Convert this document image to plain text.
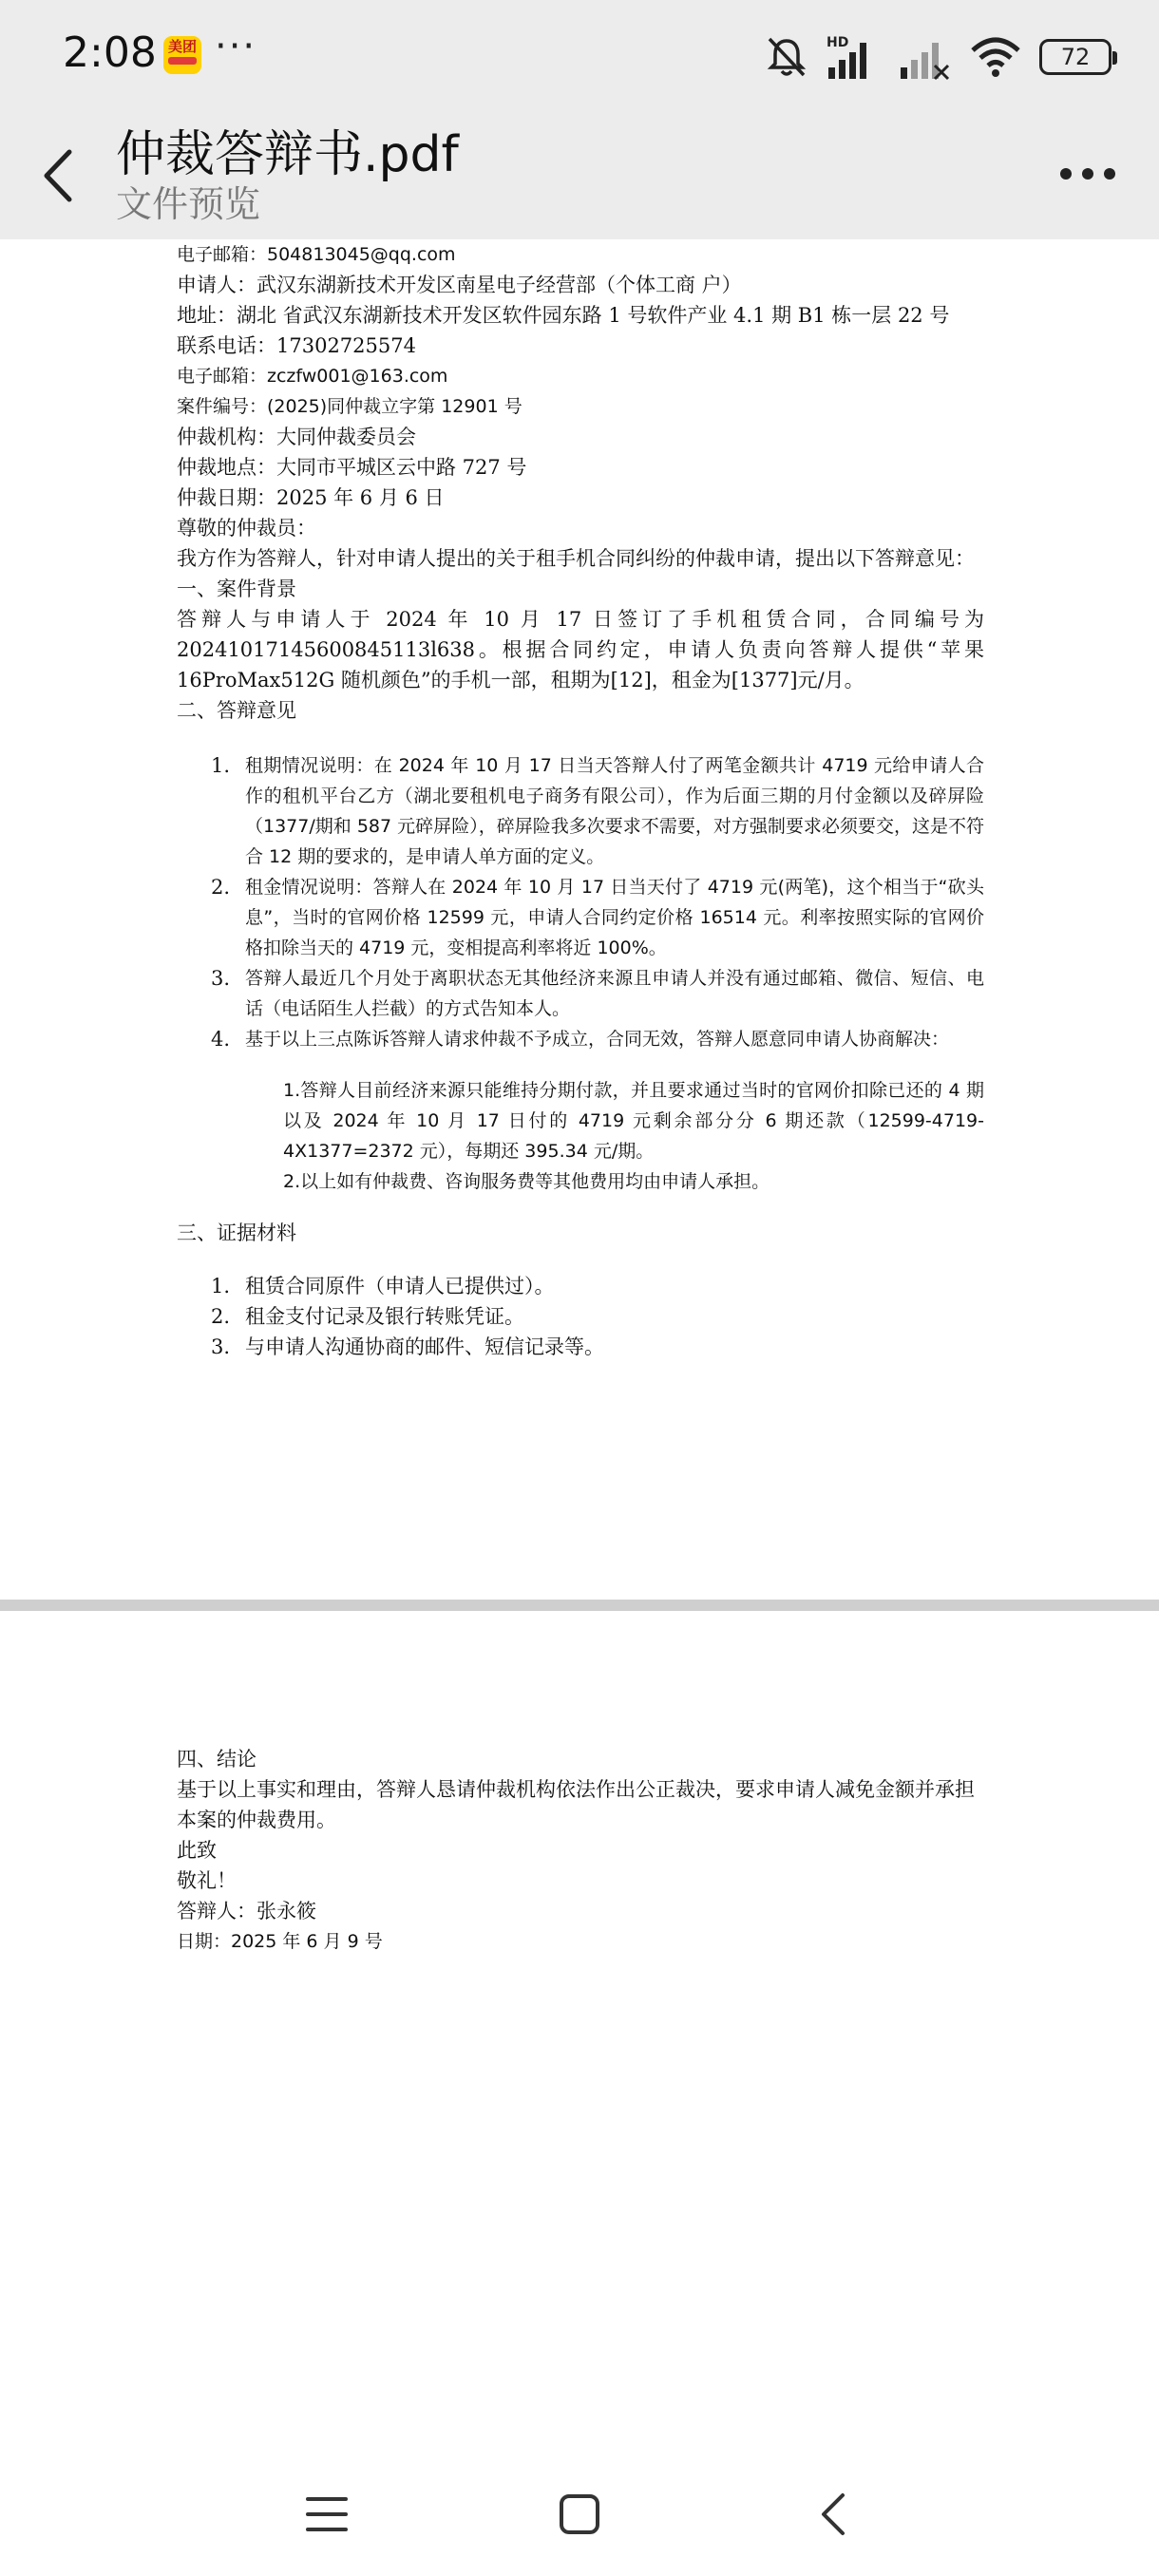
2:08 美团 ···	HD
72
仲裁答辩书.pdf
文件预览

电子邮箱：504813045@qq.com

申请人：武汉东湖新技术开发区南星电子经营部（个体工商 户）

地址：湖北 省武汉东湖新技术开发区软件园东路 1 号软件产业 4.1 期 B1 栋一层 22 号

联系电话：17302725574

电子邮箱：zczfw001@163.com

案件编号：(2025)同仲裁立字第 12901 号

仲裁机构：大同仲裁委员会

仲裁地点：大同市平城区云中路 727 号

仲裁日期：2025 年 6 月 6 日

尊敬的仲裁员：

我方作为答辩人，针对申请人提出的关于租手机合同纠纷的仲裁申请，提出以下答辩意见：

一、案件背景

答辩人与申请人于 2024 年 10 月 17 日签订了手机租赁合同，合同编号为 20241017145600845113l638。根据合同约定，申请人负责向答辩人提供“苹果 16ProMax512G 随机颜色”的手机一部，租期为[12]，租金为[1377]元/月。

二、答辩意见

1. 租期情况说明：在 2024 年 10 月 17 日当天答辩人付了两笔金额共计 4719 元给申请人合作的租机平台乙方（湖北要租机电子商务有限公司），作为后面三期的月付金额以及碎屏险（1377/期和 587 元碎屏险），碎屏险我多次要求不需要，对方强制要求必须要交，这是不符合 12 期的要求的，是申请人单方面的定义。
2. 租金情况说明：答辩人在 2024 年 10 月 17 日当天付了 4719 元(两笔)，这个相当于“砍头息”，当时的官网价格 12599 元，申请人合同约定价格 16514 元。利率按照实际的官网价格扣除当天的 4719 元，变相提高利率将近 100%。
3. 答辩人最近几个月处于离职状态无其他经济来源且申请人并没有通过邮箱、微信、短信、电话（电话陌生人拦截）的方式告知本人。
4. 基于以上三点陈诉答辩人请求仲裁不予成立，合同无效，答辩人愿意同申请人协商解决：

1.答辩人目前经济来源只能维持分期付款，并且要求通过当时的官网价扣除已还的 4 期以及 2024 年 10 月 17 日付的 4719 元剩余部分分 6 期还款（12599-4719-4X1377=2372 元），每期还 395.34 元/期。

2.以上如有仲裁费、咨询服务费等其他费用均由申请人承担。

三、证据材料

1. 租赁合同原件（申请人已提供过）。
2. 租金支付记录及银行转账凭证。
3. 与申请人沟通协商的邮件、短信记录等。

四、结论

基于以上事实和理由，答辩人恳请仲裁机构依法作出公正裁决，要求申请人减免金额并承担本案的仲裁费用。

此致

敬礼！

答辩人：张永筱

日期：2025 年 6 月 9 号
